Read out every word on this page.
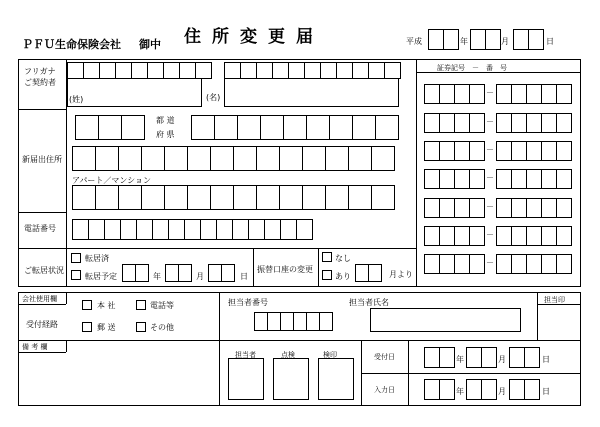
ＰＦＵ生命保険会社 御中 住所変更届	平成	年	月	日
フリガナ
ご契約者
(姓)	(名)
都 道
府 県
新届出住所
アパート／マンション
電話番号
ご転居状況
転居済
転居予定	年	月	日
振替口座の変更
なし
あり	月より
証券記号　－　番　号
－
－
－
－
－
－
－
会社使用欄
受付経路
本 社	電話等
郵 送	その他
担当者番号	担当者氏名	担当印
備 考 欄
担当者	点検	検印	受付日	年	月	日
入力日	年	月	日
